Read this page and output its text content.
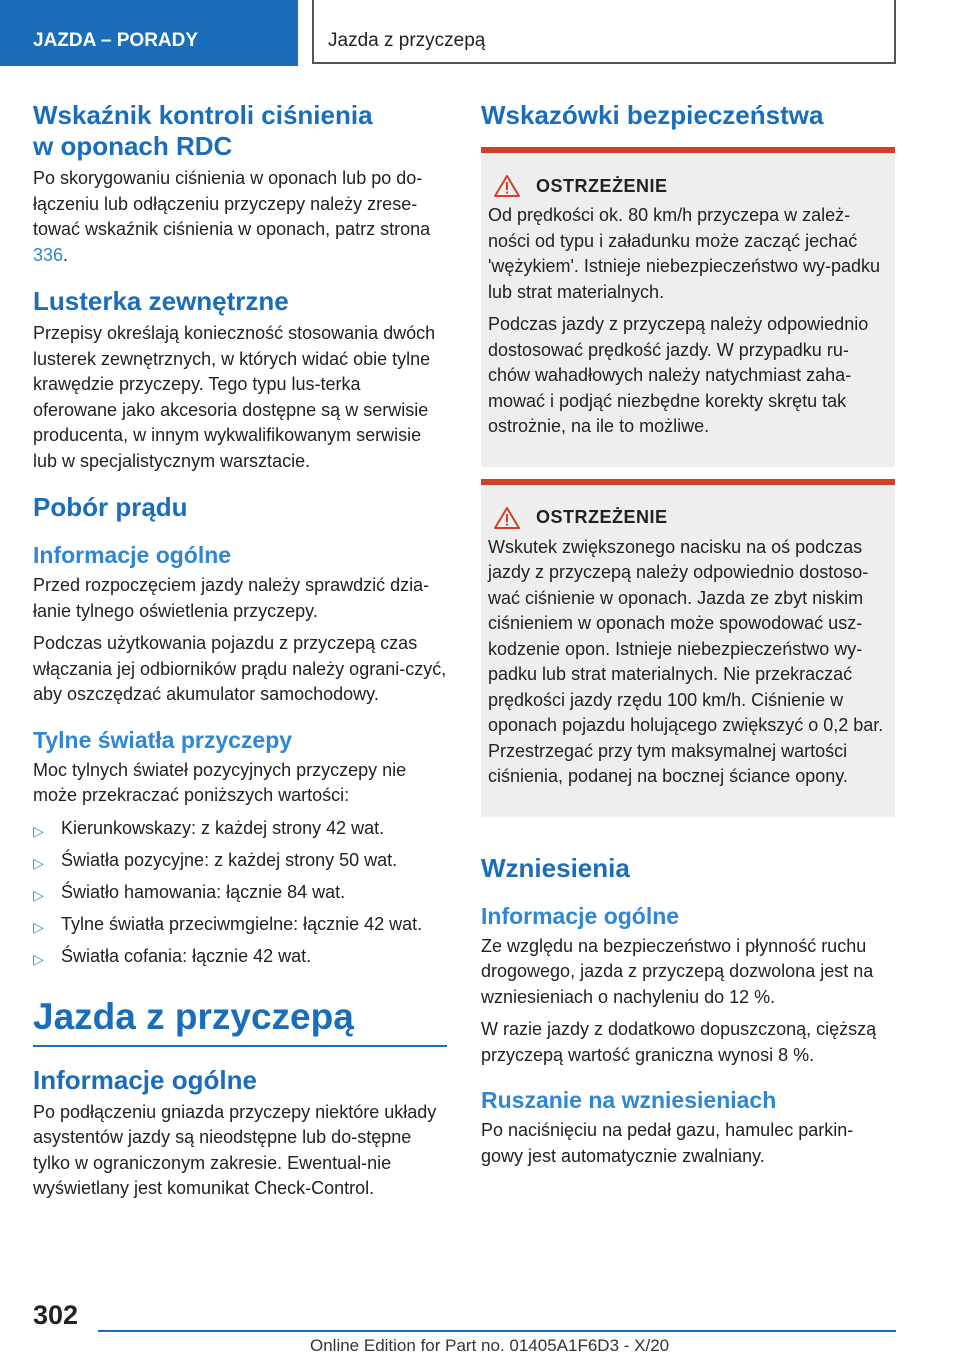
JAZDA – PORADY	Jazda z przyczepą
Wskaźnik kontroli ciśnienia
w oponach RDC

Po skorygowaniu ciśnienia w oponach lub po do-łączeniu lub odłączeniu przyczepy należy zrese-tować wskaźnik ciśnienia w oponach, patrz strona 336.

Lusterka zewnętrzne

Przepisy określają konieczność stosowania dwóch lusterek zewnętrznych, w których widać obie tylne krawędzie przyczepy. Tego typu lus-terka oferowane jako akcesoria dostępne są w serwisie producenta, w innym wykwalifikowanym serwisie lub w specjalistycznym warsztacie.

Pobór prądu
Informacje ogólne

Przed rozpoczęciem jazdy należy sprawdzić dzia-łanie tylnego oświetlenia przyczepy.

Podczas użytkowania pojazdu z przyczepą czas włączania jej odbiorników prądu należy ograni-czyć, aby oszczędzać akumulator samochodowy.

Tylne światła przyczepy

Moc tylnych świateł pozycyjnych przyczepy nie może przekraczać poniższych wartości:

▷ Kierunkowskazy: z każdej strony 42 wat.
▷ Światła pozycyjne: z każdej strony 50 wat.
▷ Światło hamowania: łącznie 84 wat.
▷ Tylne światła przeciwmgielne: łącznie 42 wat.
▷ Światła cofania: łącznie 42 wat.
Jazda z przyczepą
Informacje ogólne

Po podłączeniu gniazda przyczepy niektóre układy asystentów jazdy są nieodstępne lub do-stępne tylko w ograniczonym zakresie. Ewentual-nie wyświetlany jest komunikat Check-Control.

Wskazówki bezpieczeństwa
OSTRZEŻENIE

Od prędkości ok. 80 km/h przyczepa w zależ-ności od typu i załadunku może zacząć jechać 'wężykiem'. Istnieje niebezpieczeństwo wy-padku lub strat materialnych.

Podczas jazdy z przyczepą należy odpowiednio dostosować prędkość jazdy. W przypadku ru-chów wahadłowych należy natychmiast zaha-mować i podjąć niezbędne korekty skrętu tak ostrożnie, na ile to możliwe.

OSTRZEŻENIE

Wskutek zwiększonego nacisku na oś podczas jazdy z przyczepą należy odpowiednio dostoso-wać ciśnienie w oponach. Jazda ze zbyt niskim ciśnieniem w oponach może spowodować usz-kodzenie opon. Istnieje niebezpieczeństwo wy-padku lub strat materialnych. Nie przekraczać prędkości jazdy rzędu 100 km/h. Ciśnienie w oponach pojazdu holującego zwiększyć o 0,2 bar. Przestrzegać przy tym maksymalnej wartości ciśnienia, podanej na bocznej ściance opony.

Wzniesienia
Informacje ogólne

Ze względu na bezpieczeństwo i płynność ruchu drogowego, jazda z przyczepą dozwolona jest na wzniesieniach o nachyleniu do 12 %.

W razie jazdy z dodatkowo dopuszczoną, cięższą przyczepą wartość graniczna wynosi 8 %.

Ruszanie na wzniesieniach

Po naciśnięciu na pedał gazu, hamulec parkin-gowy jest automatycznie zwalniany.

302
Online Edition for Part no. 01405A1F6D3 - X/20
